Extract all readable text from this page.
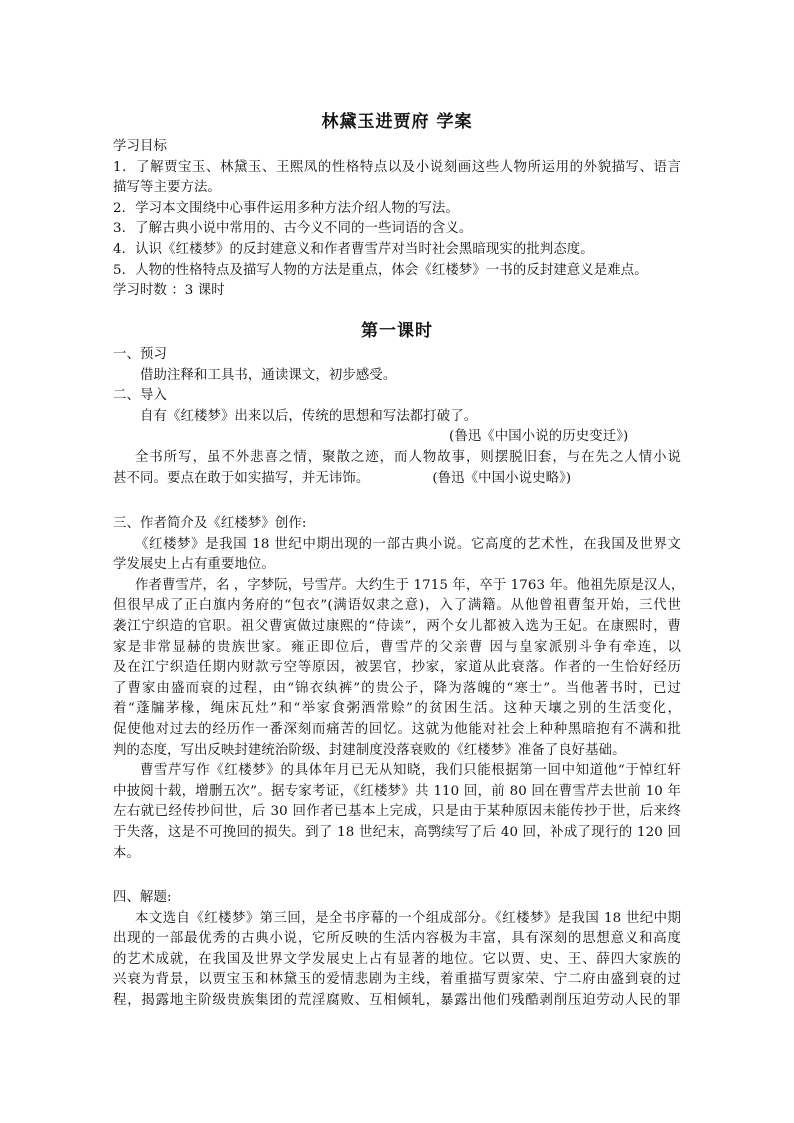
林黛玉进贾府 学案
学习目标
1．了解贾宝玉、林黛玉、王熙凤的性格特点以及小说刻画这些人物所运用的外貌描写、语言
描写等主要方法。
2．学习本文围绕中心事件运用多种方法介绍人物的写法。
3．了解古典小说中常用的、古今义不同的一些词语的含义。
4．认识《红楼梦》的反封建意义和作者曹雪芹对当时社会黑暗现实的批判态度。
5．人物的性格特点及描写人物的方法是重点，体会《红楼梦》一书的反封建意义是难点。
学习时数 ：3 课时
第一课时
一、预习
借助注释和工具书，通读课文，初步感受。
二、导入
自有《红楼梦》出来以后，传统的思想和写法都打破了。
(鲁迅《中国小说的历史变迁》)
全书所写，虽不外悲喜之情，聚散之迹，而人物故事，则摆脱旧套，与在先之人情小说
甚不同。要点在敢于如实描写，并无讳饰。	(鲁迅《中国小说史略》)
三、作者简介及《红楼梦》创作:
《红楼梦》是我国 18 世纪中期出现的一部古典小说。它高度的艺术性，在我国及世界文
学发展史上占有重要地位。
作者曹雪芹，名 ，字梦阮，号雪芹。大约生于 1715 年，卒于 1763 年。他祖先原是汉人，
但很早成了正白旗内务府的“包衣”(满语奴隶之意)，入了满籍。从他曾祖曹玺开始，三代世
袭江宁织造的官职。祖父曹寅做过康熙的“侍读”，两个女儿都被入选为王妃。在康熙时，曹
家是非常显赫的贵族世家。雍正即位后，曹雪芹的父亲曹 因与皇家派别斗争有牵连，以
及在江宁织造任期内财款亏空等原因，被罢官，抄家，家道从此衰落。作者的一生恰好经历
了曹家由盛而衰的过程，由“锦衣纨裤”的贵公子，降为落魄的“寒士”。当他著书时，已过
着“蓬牖茅椽，绳床瓦灶”和“举家食粥酒常赊”的贫困生活。这种天壤之别的生活变化，
促使他对过去的经历作一番深刻而痛苦的回忆。这就为他能对社会上种种黑暗抱有不满和批
判的态度，写出反映封建统治阶级、封建制度没落衰败的《红楼梦》准备了良好基础。
曹雪芹写作《红楼梦》的具体年月已无从知晓，我们只能根据第一回中知道他“于悼红轩
中披阅十载，增删五次”。据专家考证，《红楼梦》共 110 回，前 80 回在曹雪芹去世前 10 年
左右就已经传抄问世，后 30 回作者已基本上完成，只是由于某种原因未能传抄于世，后来终
于失落，这是不可挽回的损失。到了 18 世纪末，高鹗续写了后 40 回，补成了现行的 120 回
本。
四、解题:
本文选自《红楼梦》第三回，是全书序幕的一个组成部分。《红楼梦》是我国 18 世纪中期
出现的一部最优秀的古典小说，它所反映的生活内容极为丰富，具有深刻的思想意义和高度
的艺术成就，在我国及世界文学发展史上占有显著的地位。它以贾、史、王、薛四大家族的
兴衰为背景，以贾宝玉和林黛玉的爱情悲剧为主线，着重描写贾家荣、宁二府由盛到衰的过
程，揭露地主阶级贵族集团的荒淫腐败、互相倾轧，暴露出他们残酷剥削压迫劳动人民的罪
